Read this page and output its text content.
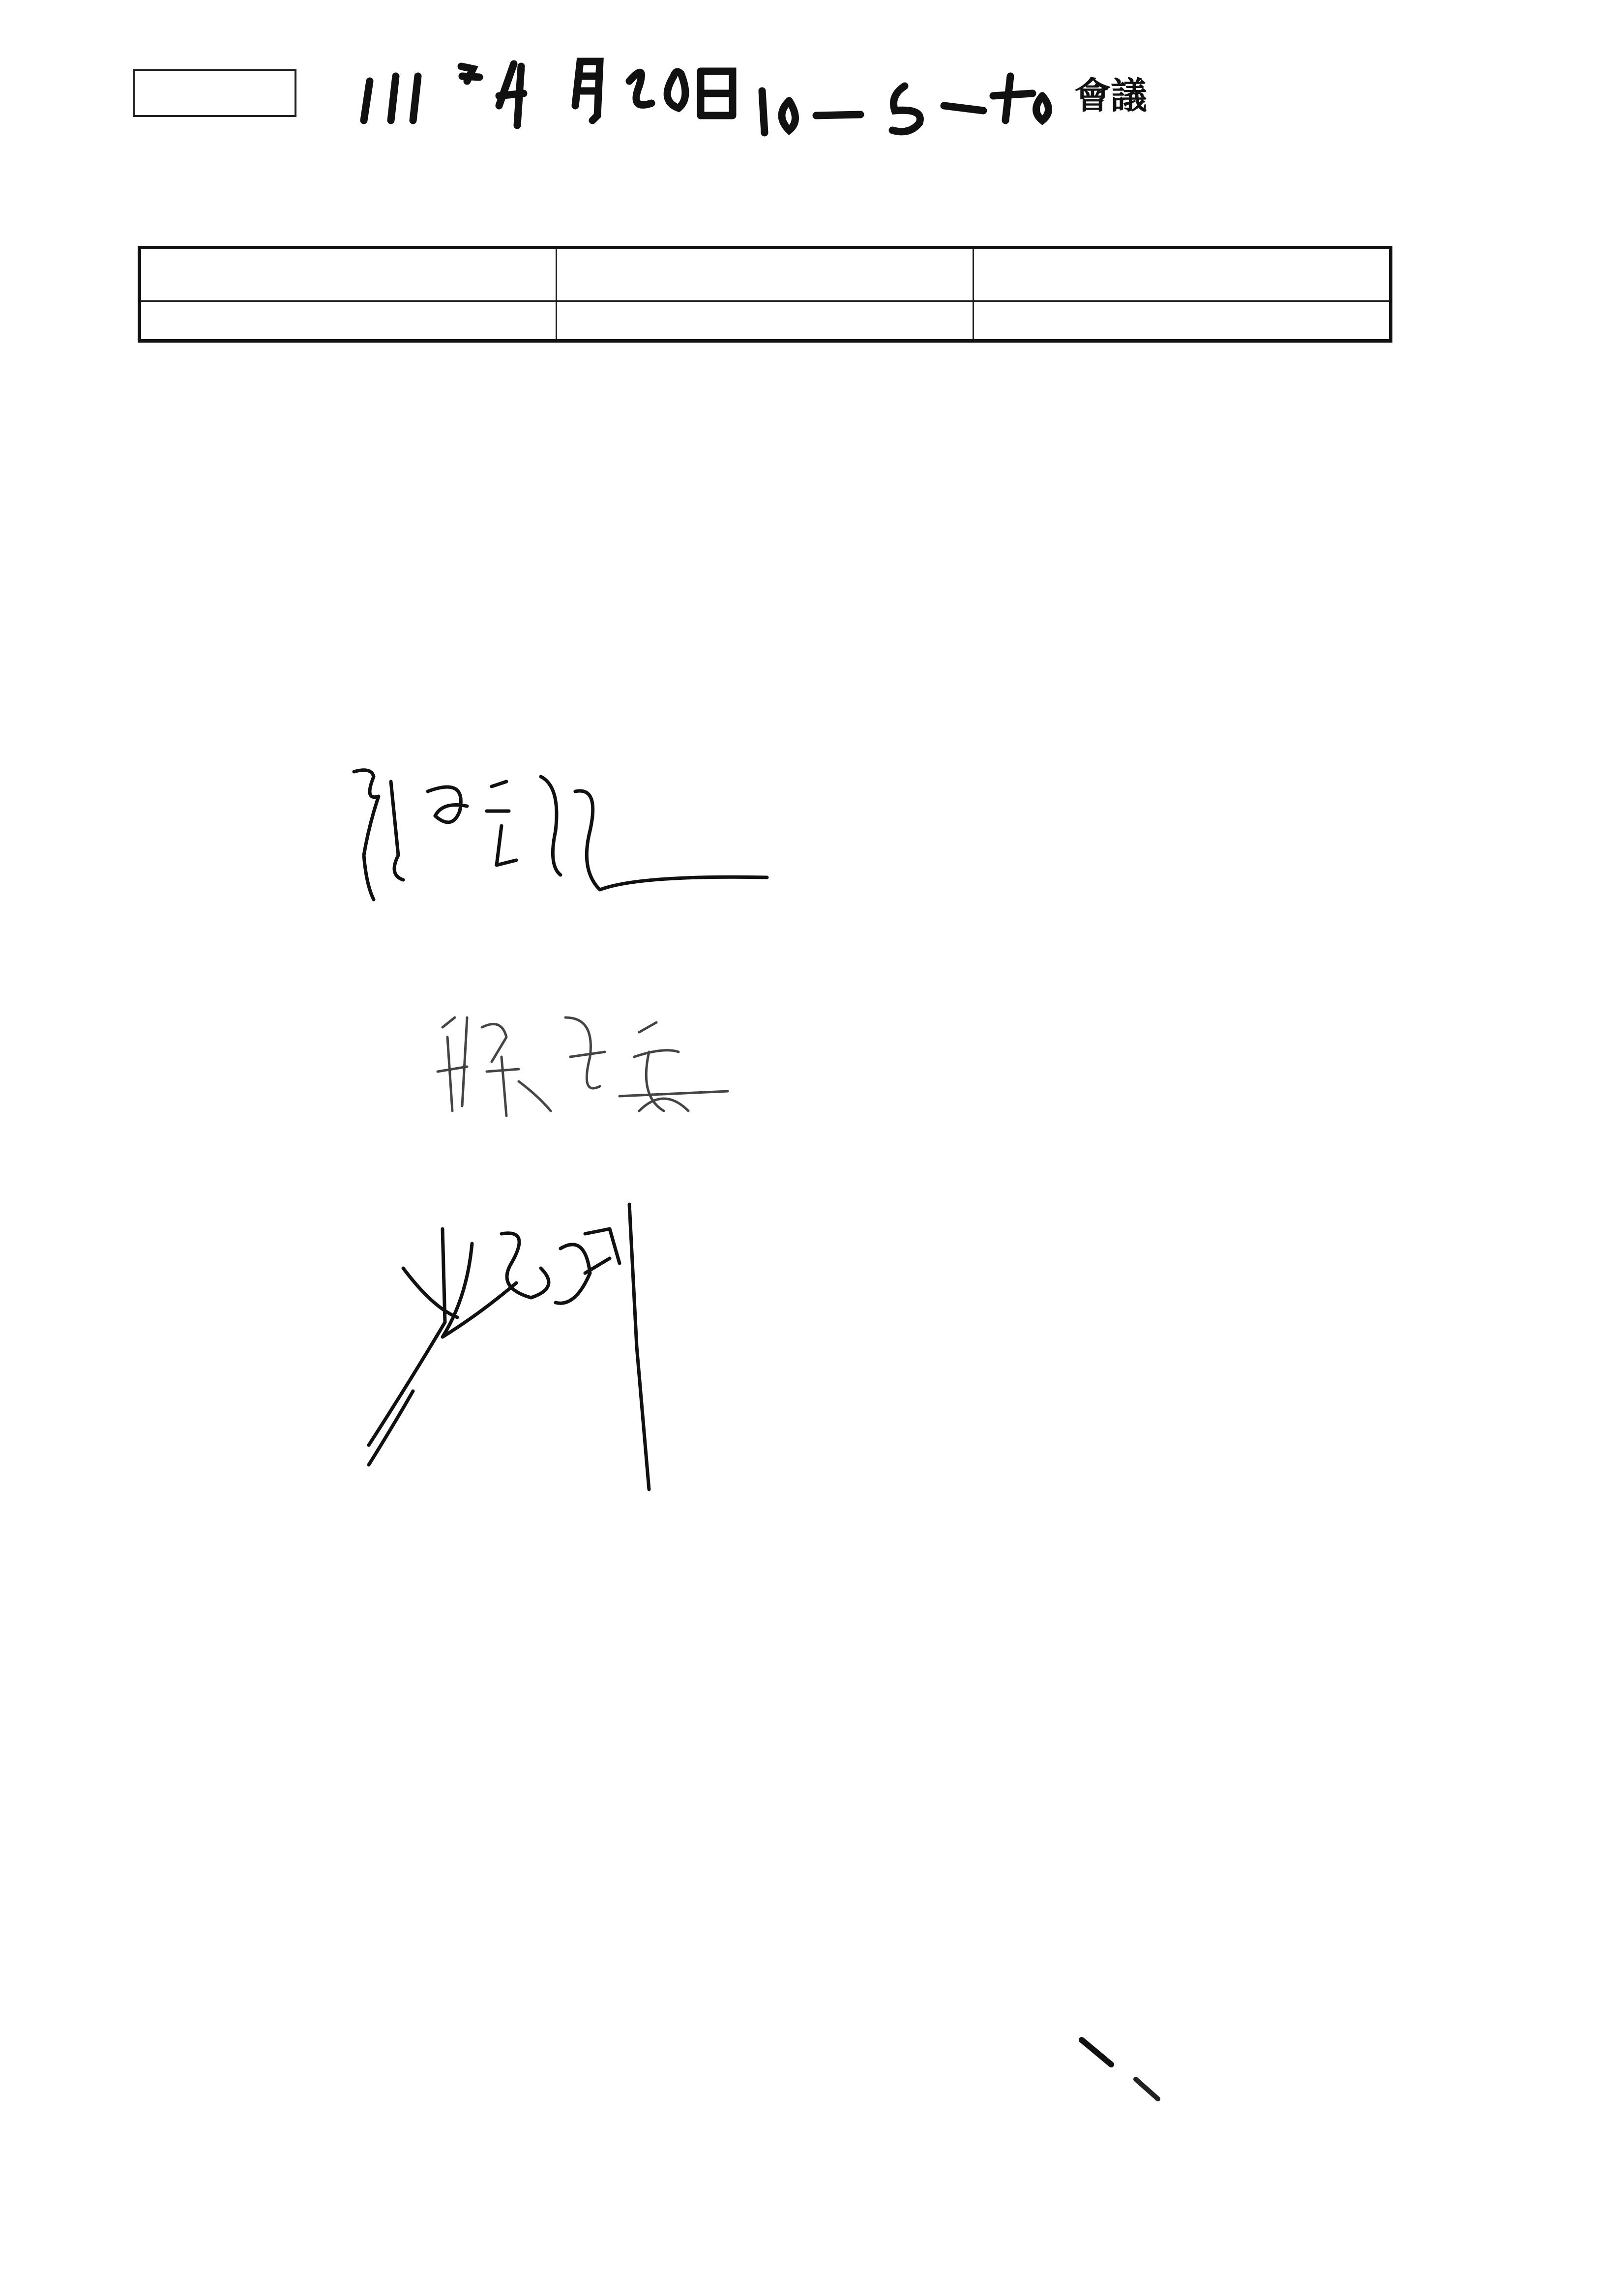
會議
